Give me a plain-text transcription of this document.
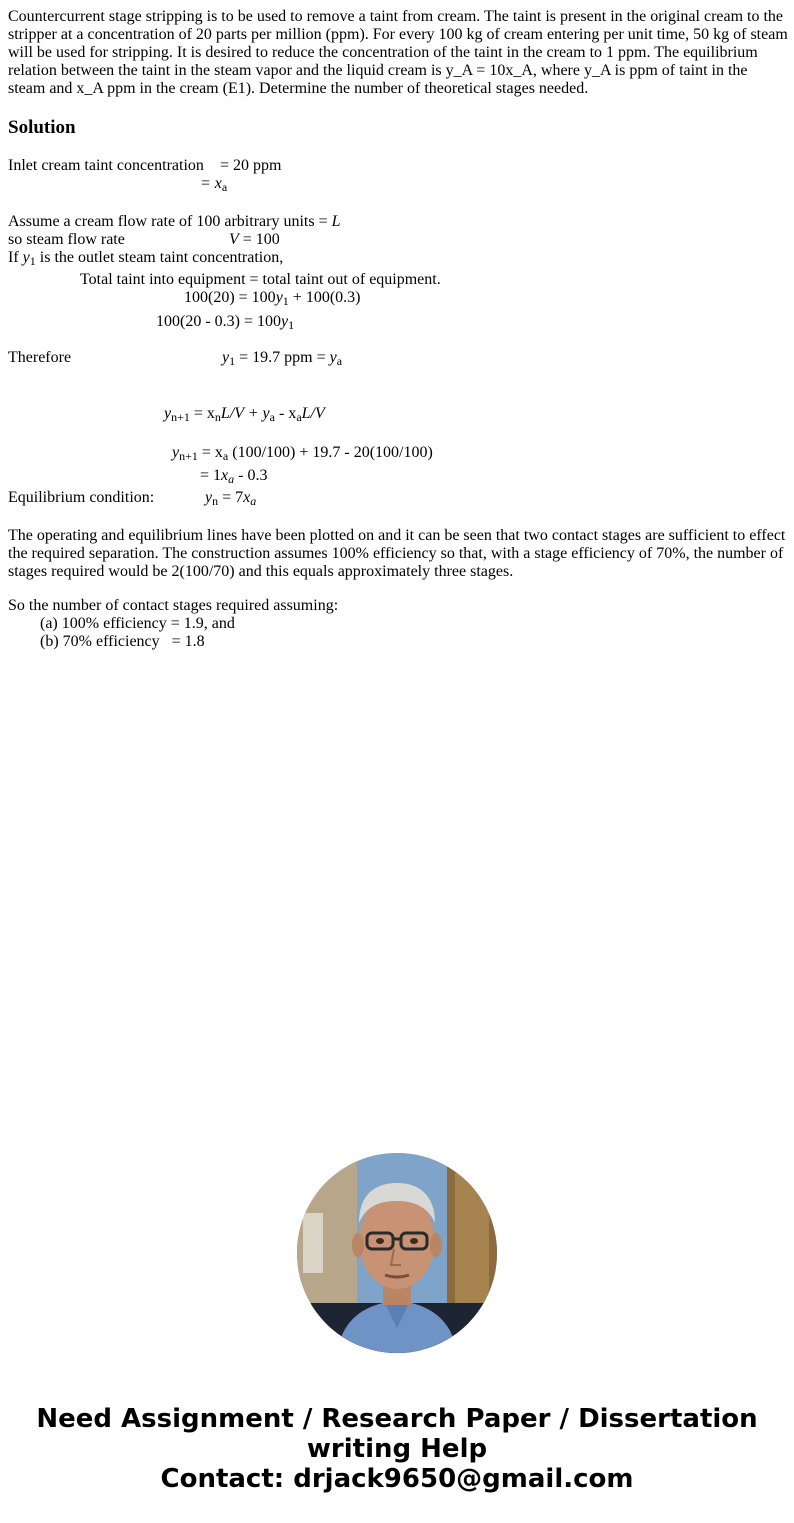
Countercurrent stage stripping is to be used to remove a taint from cream. The taint is present in the original cream to the stripper at a concentration of 20 parts per million (ppm). For every 100 kg of cream entering per unit time, 50 kg of steam will be used for stripping. It is desired to reduce the concentration of the taint in the cream to 1 ppm. The equilibrium relation between the taint in the steam vapor and the liquid cream is y_A = 10x_A, where y_A is ppm of taint in the steam and x_A ppm in the cream (E1). Determine the number of theoretical stages needed.

Solution
Inlet cream taint concentration = 20 ppm
= $x_a$
Assume a cream flow rate of 100 arbitrary units = L
so steam flow rate	V = 100
If $y_1$ is the outlet steam taint concentration,
Total taint into equipment = total taint out of equipment.
$100(20) = 100y_1 + 100(0.3)$
$100(20 - 0.3) = 100y_1$
Therefore	$y_1 = 19.7$ ppm = $y_a$
$y_{n+1} = x_nL/V + y_a - x_aL/V$
$y_{n+1} = x_a$ (100/100) + 19.7 - 20(100/100)
= $1x_a - 0.3$
Equilibrium condition:	$y_n = 7x_a$

The operating and equilibrium lines have been plotted on and it can be seen that two contact stages are sufficient to effect the required separation. The construction assumes 100% efficiency so that, with a stage efficiency of 70%, the number of stages required would be 2(100/70) and this equals approximately three stages.

So the number of contact stages required assuming:
(a) 100% efficiency = 1.9, and
(b) 70% efficiency   = 1.8
Need Assignment / Research Paper / Dissertation
writing Help
Contact: drjack9650@gmail.com
